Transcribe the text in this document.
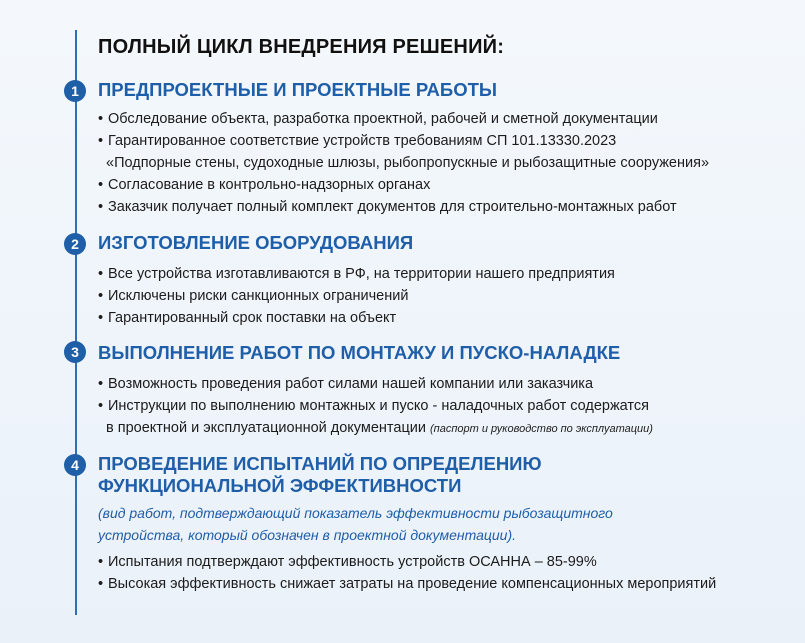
ПОЛНЫЙ ЦИКЛ ВНЕДРЕНИЯ РЕШЕНИЙ:
1	ПРЕДПРОЕКТНЫЕ И ПРОЕКТНЫЕ РАБОТЫ
• Обследование объекта, разработка проектной, рабочей и сметной документации
• Гарантированное соответствие устройств требованиям СП 101.13330.2023
«Подпорные стены, судоходные шлюзы, рыбопропускные и рыбозащитные сооружения»
• Согласование в контрольно-надзорных органах
• Заказчик получает полный комплект документов для строительно-монтажных работ
2	ИЗГОТОВЛЕНИЕ ОБОРУДОВАНИЯ
• Все устройства изготавливаются в РФ, на территории нашего предприятия
• Исключены риски санкционных ограничений
• Гарантированный срок поставки на объект
3	ВЫПОЛНЕНИЕ РАБОТ ПО МОНТАЖУ И ПУСКО-НАЛАДКЕ
• Возможность проведения работ силами нашей компании или заказчика
• Инструкции по выполнению монтажных и пуско - наладочных работ содержатся
в проектной и эксплуатационной документации (паспорт и руководство по эксплуатации)
4	ПРОВЕДЕНИЕ ИСПЫТАНИЙ ПО ОПРЕДЕЛЕНИЮ
ФУНКЦИОНАЛЬНОЙ ЭФФЕКТИВНОСТИ

(вид работ, подтверждающий показатель эффективности рыбозащитного
устройства, который обозначен в проектной документации).

• Испытания подтверждают эффективность устройств ОСАННА – 85-99%
• Высокая эффективность снижает затраты на проведение компенсационных мероприятий
